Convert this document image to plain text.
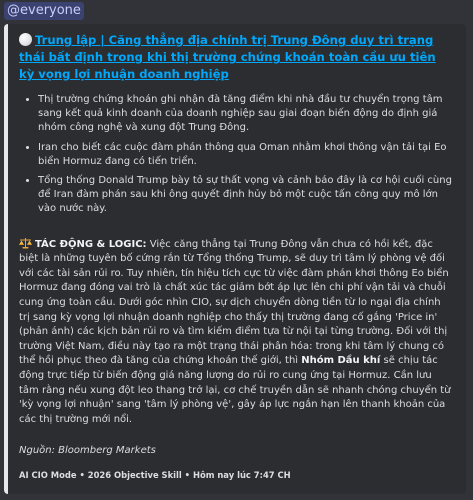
@everyone

Trung lập | Căng thẳng địa chính trị Trung Đông duy trì trạng thái bất định trong khi thị trường chứng khoán toàn cầu ưu tiên kỳ vọng lợi nhuận doanh nghiệp

• Thị trường chứng khoán ghi nhận đà tăng điểm khi nhà đầu tư chuyển trọng tâm sang kết quả kinh doanh của doanh nghiệp sau giai đoạn biến động do định giá nhóm công nghệ và xung đột Trung Đông.
• Iran cho biết các cuộc đàm phán thông qua Oman nhằm khơi thông vận tải tại Eo biển Hormuz đang có tiến triển.
• Tổng thống Donald Trump bày tỏ sự thất vọng và cảnh báo đây là cơ hội cuối cùng để Iran đàm phán sau khi ông quyết định hủy bỏ một cuộc tấn công quy mô lớn vào nước này.
TÁC ĐỘNG & LOGIC: Việc căng thẳng tại Trung Đông vẫn chưa có hồi kết, đặc biệt là những tuyên bố cứng rắn từ Tổng thống Trump, sẽ duy trì tâm lý phòng vệ đối với các tài sản rủi ro. Tuy nhiên, tín hiệu tích cực từ việc đàm phán khơi thông Eo biển Hormuz đang đóng vai trò là chất xúc tác giảm bớt áp lực lên chi phí vận tải và chuỗi cung ứng toàn cầu. Dưới góc nhìn CIO, sự dịch chuyển dòng tiền từ lo ngại địa chính trị sang kỳ vọng lợi nhuận doanh nghiệp cho thấy thị trường đang cố gắng 'Price in' (phản ánh) các kịch bản rủi ro và tìm kiếm điểm tựa từ nội tại từng trường. Đối với thị trường Việt Nam, điều này tạo ra một trạng thái phân hóa: trong khi tâm lý chung có thể hồi phục theo đà tăng của chứng khoán thế giới, thì Nhóm Dầu khí sẽ chịu tác động trực tiếp từ biến động giá năng lượng do rủi ro cung ứng tại Hormuz. Cần lưu tâm rằng nếu xung đột leo thang trở lại, cơ chế truyền dẫn sẽ nhanh chóng chuyển từ 'kỳ vọng lợi nhuận' sang 'tâm lý phòng vệ', gây áp lực ngắn hạn lên thanh khoản của các thị trường mới nổi.
Nguồn: Bloomberg Markets
AI CIO Mode • 2026 Objective Skill • Hôm nay lúc 7:47 CH
